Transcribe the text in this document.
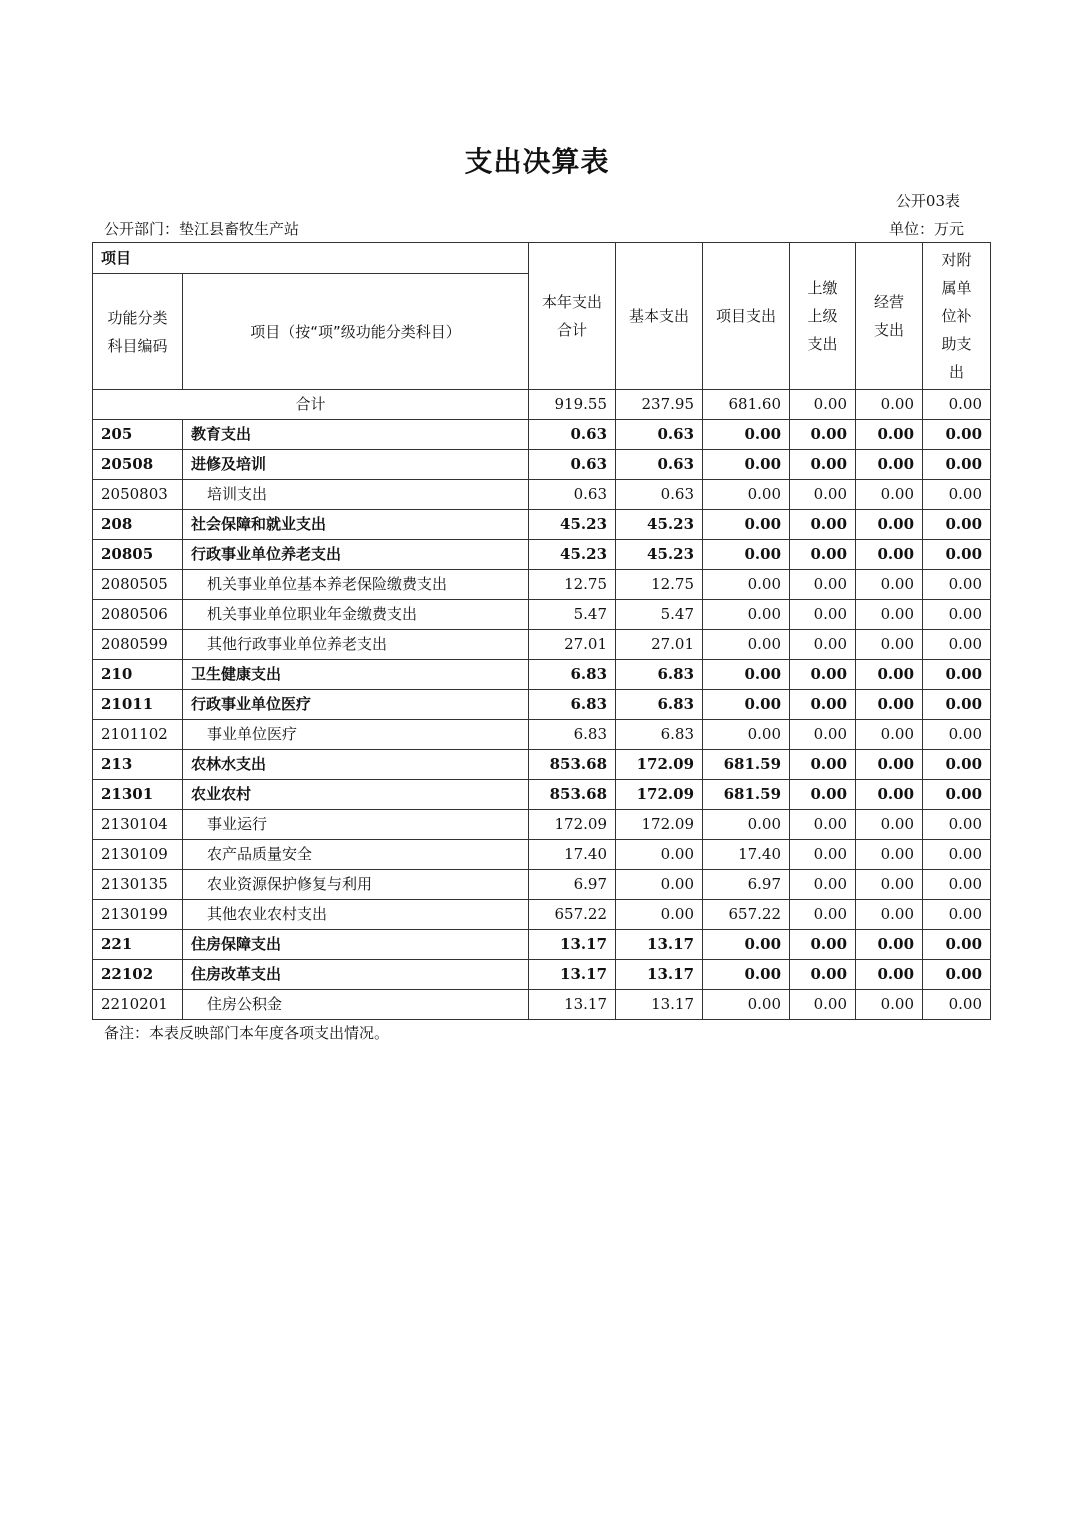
支出决算表
公开03表
公开部门：垫江县畜牧生产站	单位：万元
项目		本年支出合计	基本支出	项目支出	上缴上级支出	经营支出	对附属单位补助支出

功能分类科目编码	项目（按“项”级功能分类科目）						
合计		919.55	237.95	681.60	0.00	0.00	0.00
205	教育支出	0.63	0.63	0.00	0.00	0.00	0.00
20508	进修及培训	0.63	0.63	0.00	0.00	0.00	0.00
2050803	培训支出	0.63	0.63	0.00	0.00	0.00	0.00
208	社会保障和就业支出	45.23	45.23	0.00	0.00	0.00	0.00
20805	行政事业单位养老支出	45.23	45.23	0.00	0.00	0.00	0.00
2080505	机关事业单位基本养老保险缴费支出	12.75	12.75	0.00	0.00	0.00	0.00
2080506	机关事业单位职业年金缴费支出	5.47	5.47	0.00	0.00	0.00	0.00
2080599	其他行政事业单位养老支出	27.01	27.01	0.00	0.00	0.00	0.00
210	卫生健康支出	6.83	6.83	0.00	0.00	0.00	0.00
21011	行政事业单位医疗	6.83	6.83	0.00	0.00	0.00	0.00
2101102	事业单位医疗	6.83	6.83	0.00	0.00	0.00	0.00
213	农林水支出	853.68	172.09	681.59	0.00	0.00	0.00
21301	农业农村	853.68	172.09	681.59	0.00	0.00	0.00
2130104	事业运行	172.09	172.09	0.00	0.00	0.00	0.00
2130109	农产品质量安全	17.40	0.00	17.40	0.00	0.00	0.00
2130135	农业资源保护修复与利用	6.97	0.00	6.97	0.00	0.00	0.00
2130199	其他农业农村支出	657.22	0.00	657.22	0.00	0.00	0.00
221	住房保障支出	13.17	13.17	0.00	0.00	0.00	0.00
22102	住房改革支出	13.17	13.17	0.00	0.00	0.00	0.00
2210201	住房公积金	13.17	13.17	0.00	0.00	0.00	0.00
备注：本表反映部门本年度各项支出情况。
